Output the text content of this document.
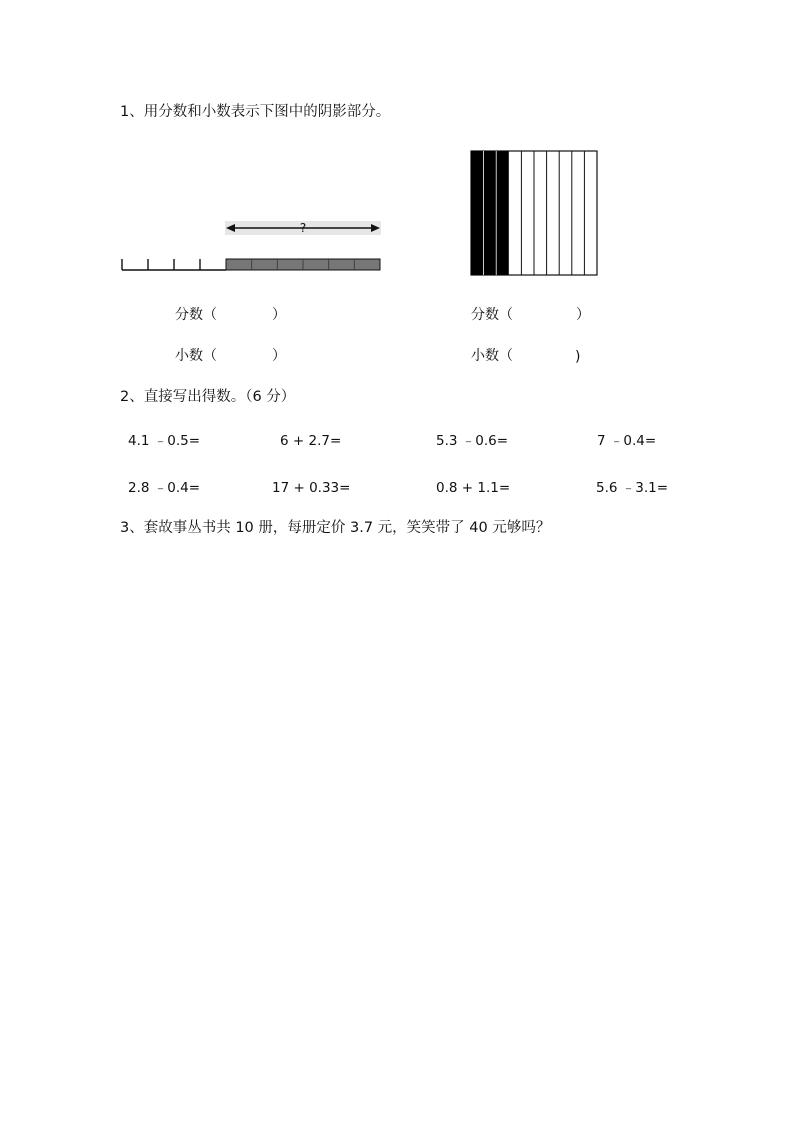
1、用分数和小数表示下图中的阴影部分。
?
分数（	）
小数（	）
分数（	）
小数（	)
2、直接写出得数。（6 分）
4.1 ﹣0.5=	6 + 2.7=	5.3 ﹣0.6=	7 ﹣0.4=
2.8 ﹣0.4=	17 + 0.33=	0.8 + 1.1=	5.6 ﹣3.1=
3、套故事丛书共 10 册，每册定价 3.7 元，笑笑带了 40 元够吗？
